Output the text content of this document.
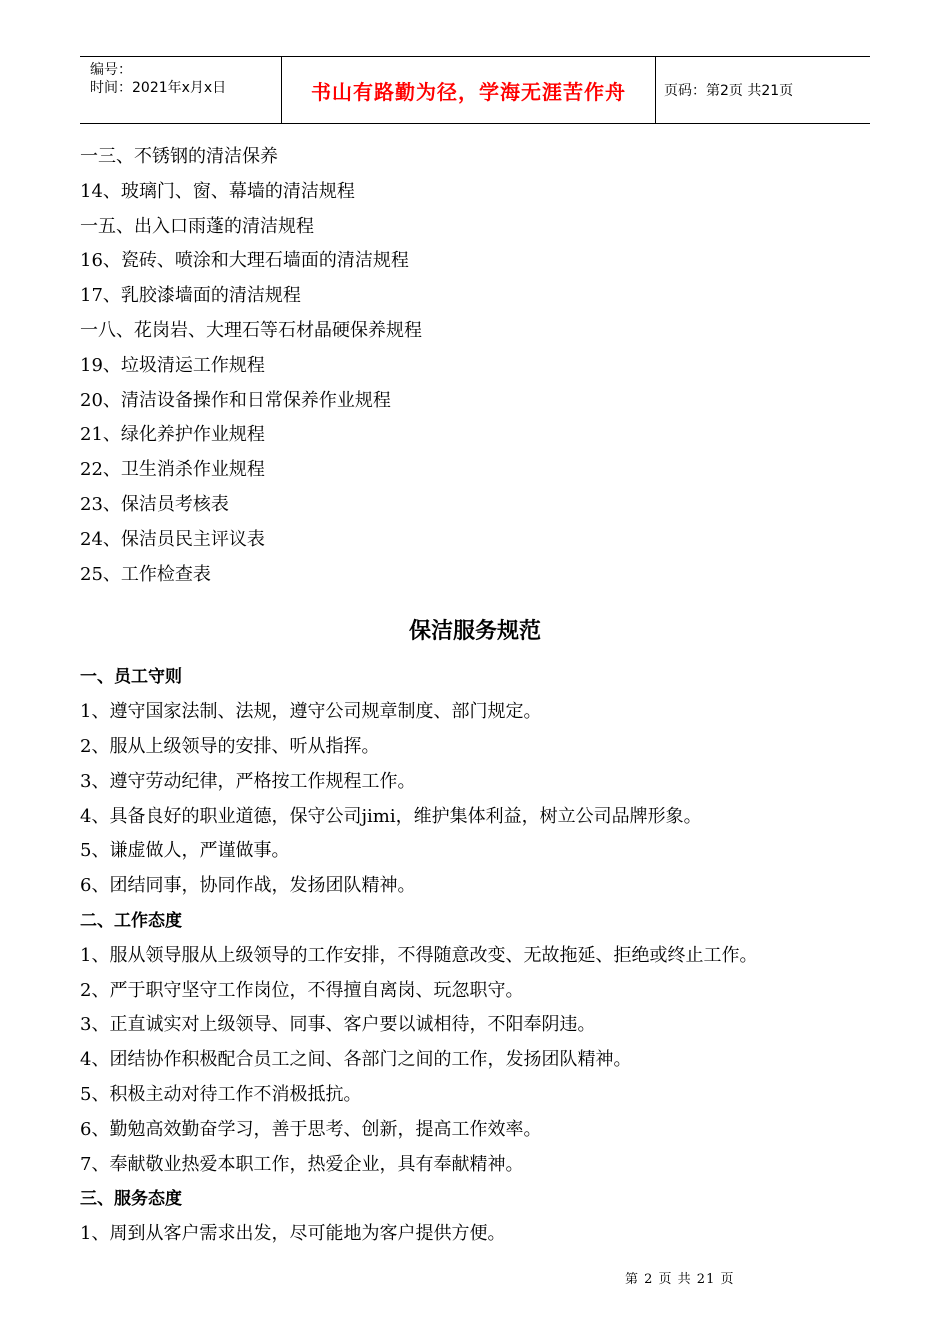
编号：
时间：2021年x月x日	书山有路勤为径，学海无涯苦作舟	页码：第2页 共21页
一三、不锈钢的清洁保养
14、玻璃门、窗、幕墙的清洁规程
一五、出入口雨蓬的清洁规程
16、瓷砖、喷涂和大理石墙面的清洁规程
17、乳胶漆墙面的清洁规程
一八、花岗岩、大理石等石材晶硬保养规程
19、垃圾清运工作规程
20、清洁设备操作和日常保养作业规程
21、绿化养护作业规程
22、卫生消杀作业规程
23、保洁员考核表
24、保洁员民主评议表
25、工作检查表
保洁服务规范
一、员工守则
1、遵守国家法制、法规，遵守公司规章制度、部门规定。
2、服从上级领导的安排、听从指挥。
3、遵守劳动纪律，严格按工作规程工作。
4、具备良好的职业道德，保守公司jimi，维护集体利益，树立公司品牌形象。
5、谦虚做人，严谨做事。
6、团结同事，协同作战，发扬团队精神。
二、工作态度
1、服从领导服从上级领导的工作安排，不得随意改变、无故拖延、拒绝或终止工作。
2、严于职守坚守工作岗位，不得擅自离岗、玩忽职守。
3、正直诚实对上级领导、同事、客户要以诚相待，不阳奉阴违。
4、团结协作积极配合员工之间、各部门之间的工作，发扬团队精神。
5、积极主动对待工作不消极抵抗。
6、勤勉高效勤奋学习，善于思考、创新，提高工作效率。
7、奉献敬业热爱本职工作，热爱企业，具有奉献精神。
三、服务态度
1、周到从客户需求出发，尽可能地为客户提供方便。
第 2 页 共 21 页
